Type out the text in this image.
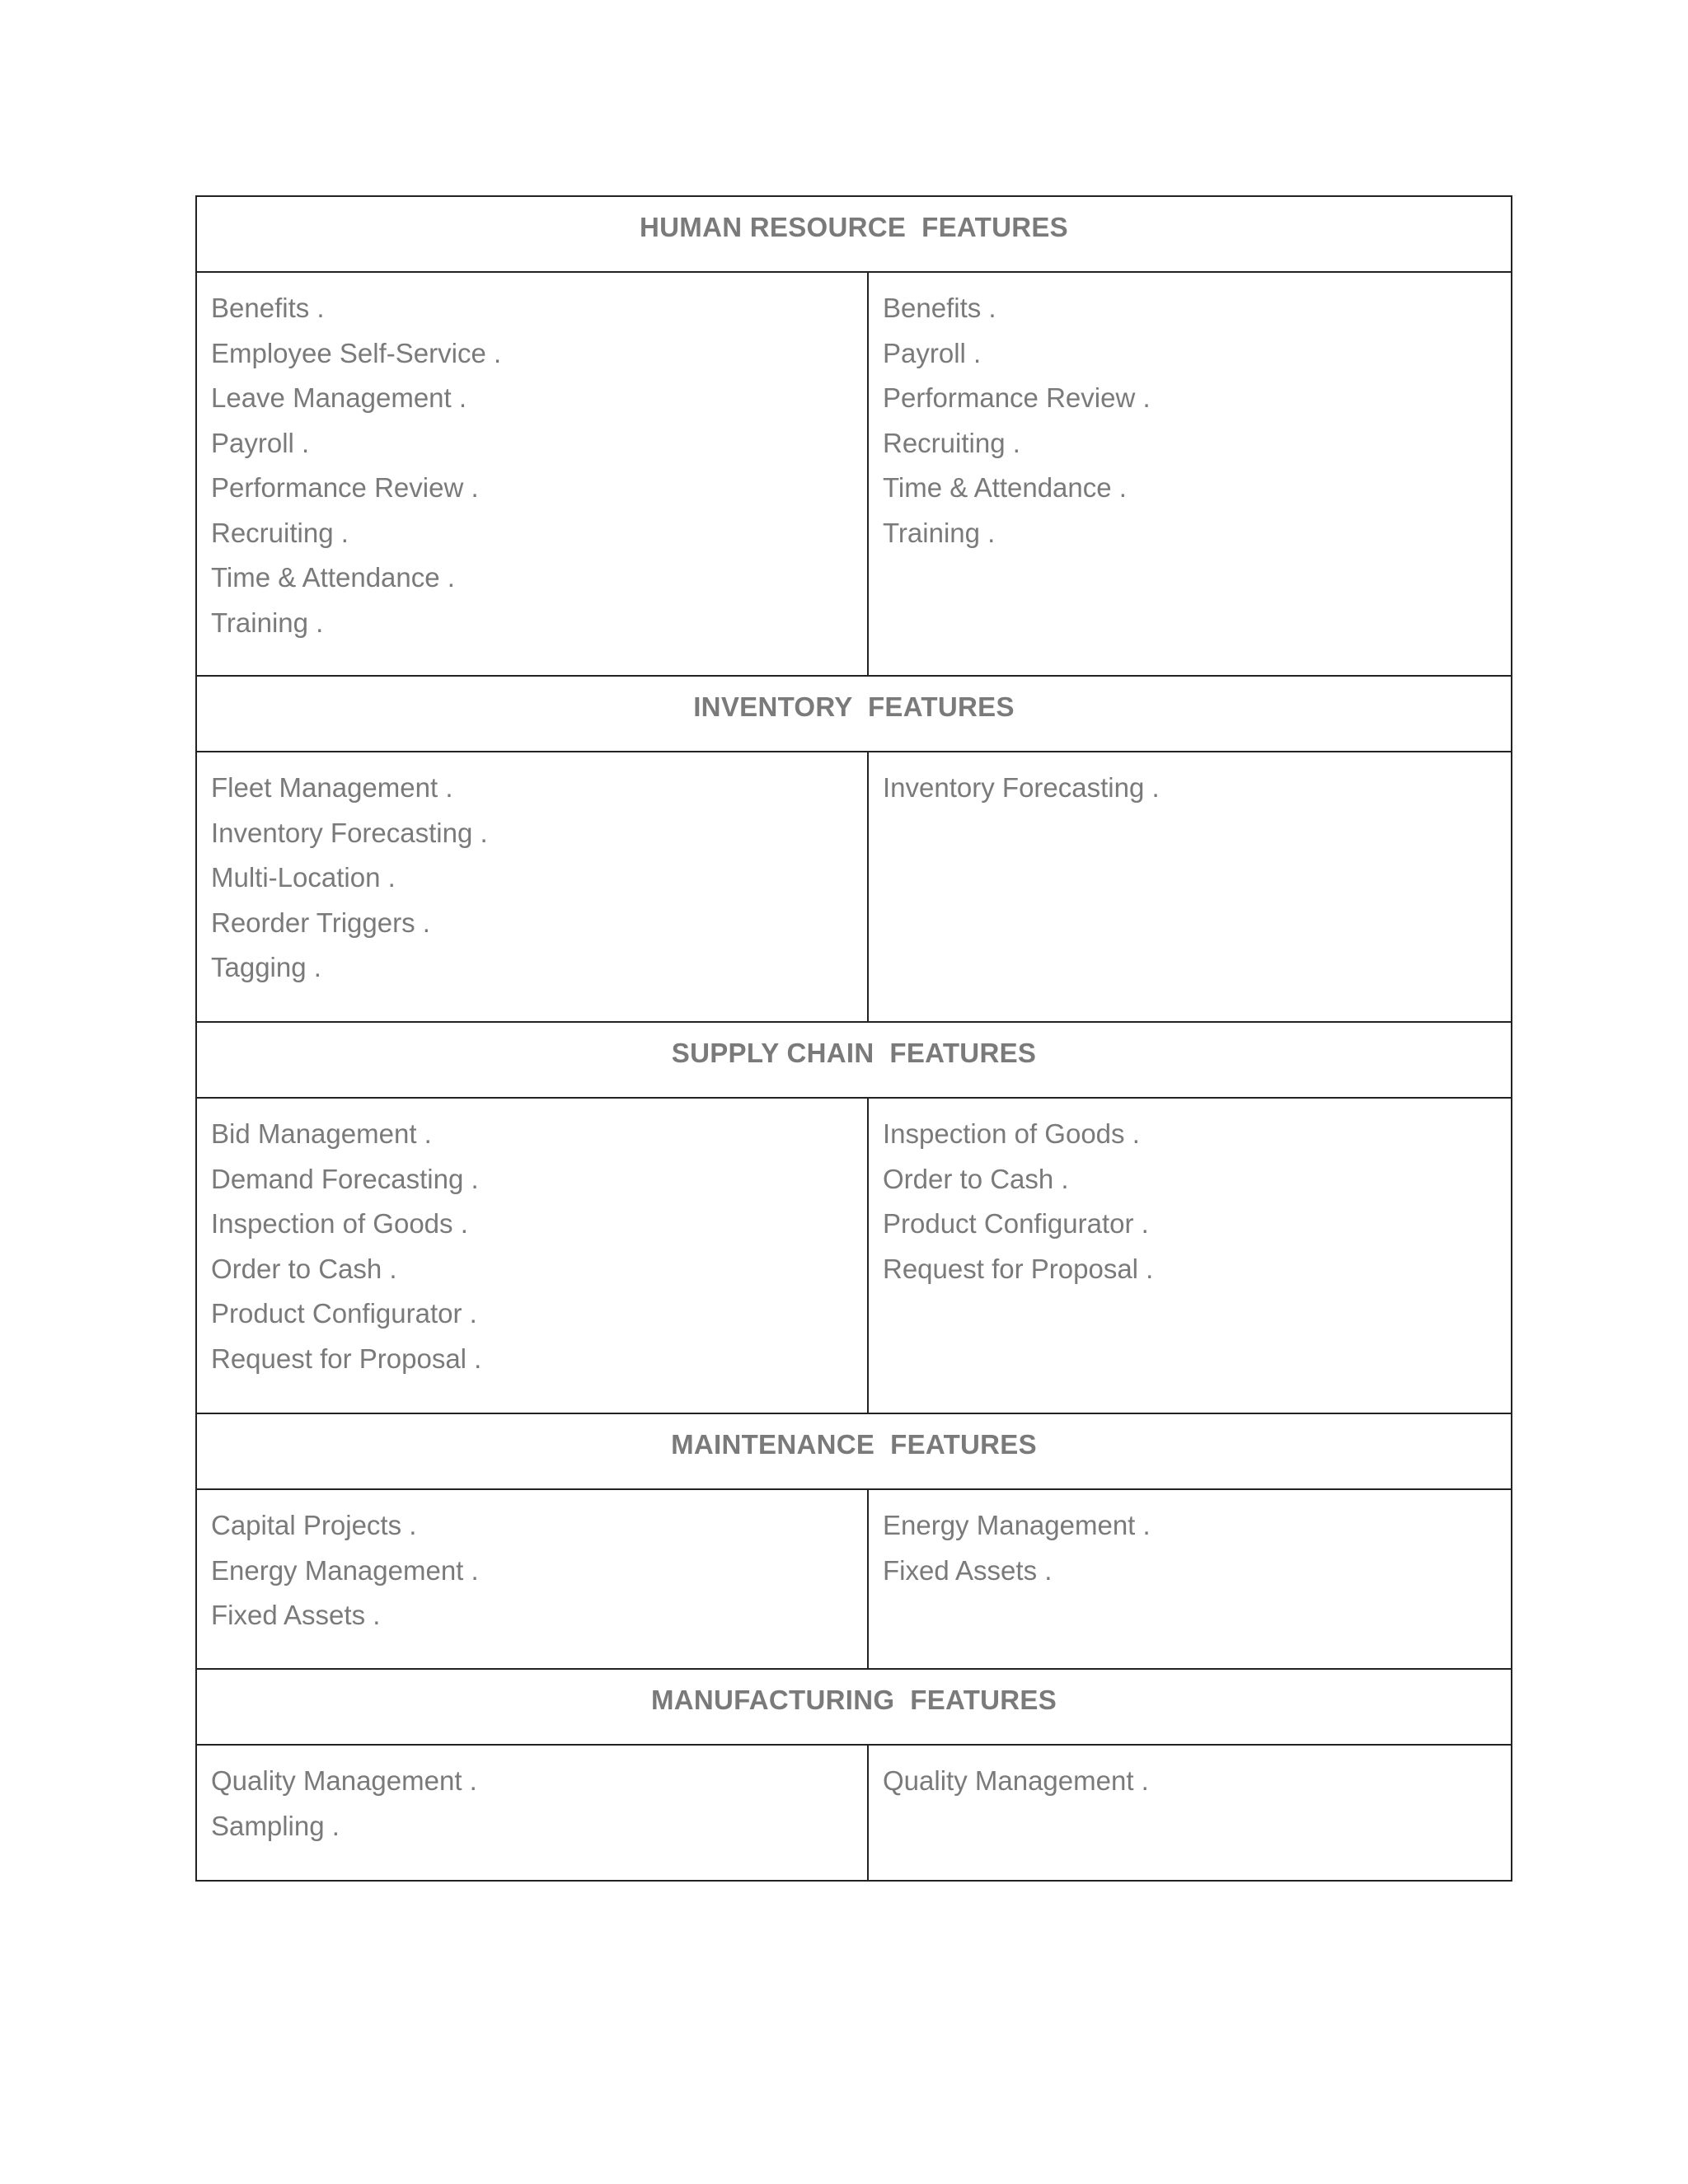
HUMAN RESOURCE  FEATURES
Benefits .
Employee Self-Service .
Leave Management .
Payroll .
Performance Review .
Recruiting .
Time & Attendance .
Training .
Benefits .
Payroll .
Performance Review .
Recruiting .
Time & Attendance .
Training .
INVENTORY  FEATURES
Fleet Management .
Inventory Forecasting .
Multi-Location .
Reorder Triggers .
Tagging .
Inventory Forecasting .
SUPPLY CHAIN  FEATURES
Bid Management .
Demand Forecasting .
Inspection of Goods .
Order to Cash .
Product Configurator .
Request for Proposal .
Inspection of Goods .
Order to Cash .
Product Configurator .
Request for Proposal .
MAINTENANCE  FEATURES
Capital Projects .
Energy Management .
Fixed Assets .
Energy Management .
Fixed Assets .
MANUFACTURING  FEATURES
Quality Management .
Sampling .
Quality Management .
